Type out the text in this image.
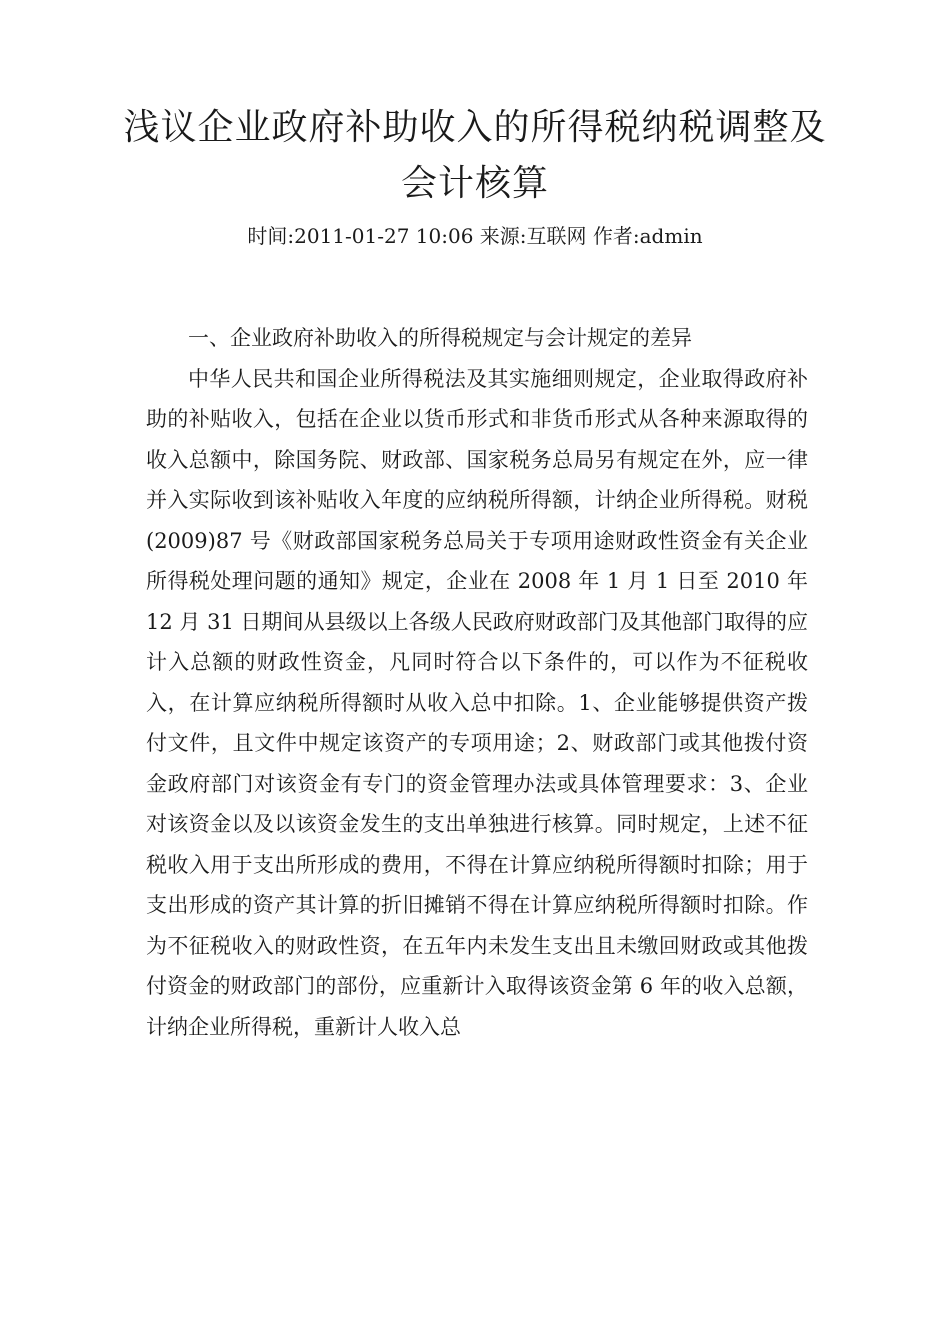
浅议企业政府补助收入的所得税纳税调整及会计核算
时间:2011-01-27 10:06 来源:互联网 作者:admin

一、企业政府补助收入的所得税规定与会计规定的差异

中华人民共和国企业所得税法及其实施细则规定，企业取得政府补助的补贴收入，包括在企业以货币形式和非货币形式从各种来源取得的收入总额中，除国务院、财政部、国家税务总局另有规定在外，应一律并入实际收到该补贴收入年度的应纳税所得额，计纳企业所得税。财税(2009)87 号《财政部国家税务总局关于专项用途财政性资金有关企业所得税处理问题的通知》规定，企业在 2008 年 1 月 1 日至 2010 年 12 月 31 日期间从县级以上各级人民政府财政部门及其他部门取得的应计入总额的财政性资金，凡同时符合以下条件的，可以作为不征税收入，在计算应纳税所得额时从收入总中扣除。1、企业能够提供资产拨付文件，且文件中规定该资产的专项用途；2、财政部门或其他拨付资金政府部门对该资金有专门的资金管理办法或具体管理要求：3、企业对该资金以及以该资金发生的支出单独进行核算。同时规定，上述不征税收入用于支出所形成的费用，不得在计算应纳税所得额时扣除；用于支出形成的资产其计算的折旧摊销不得在计算应纳税所得额时扣除。作为不征税收入的财政性资，在五年内未发生支出且未缴回财政或其他拨付资金的财政部门的部份，应重新计入取得该资金第 6 年的收入总额，计纳企业所得税，重新计人收入总
